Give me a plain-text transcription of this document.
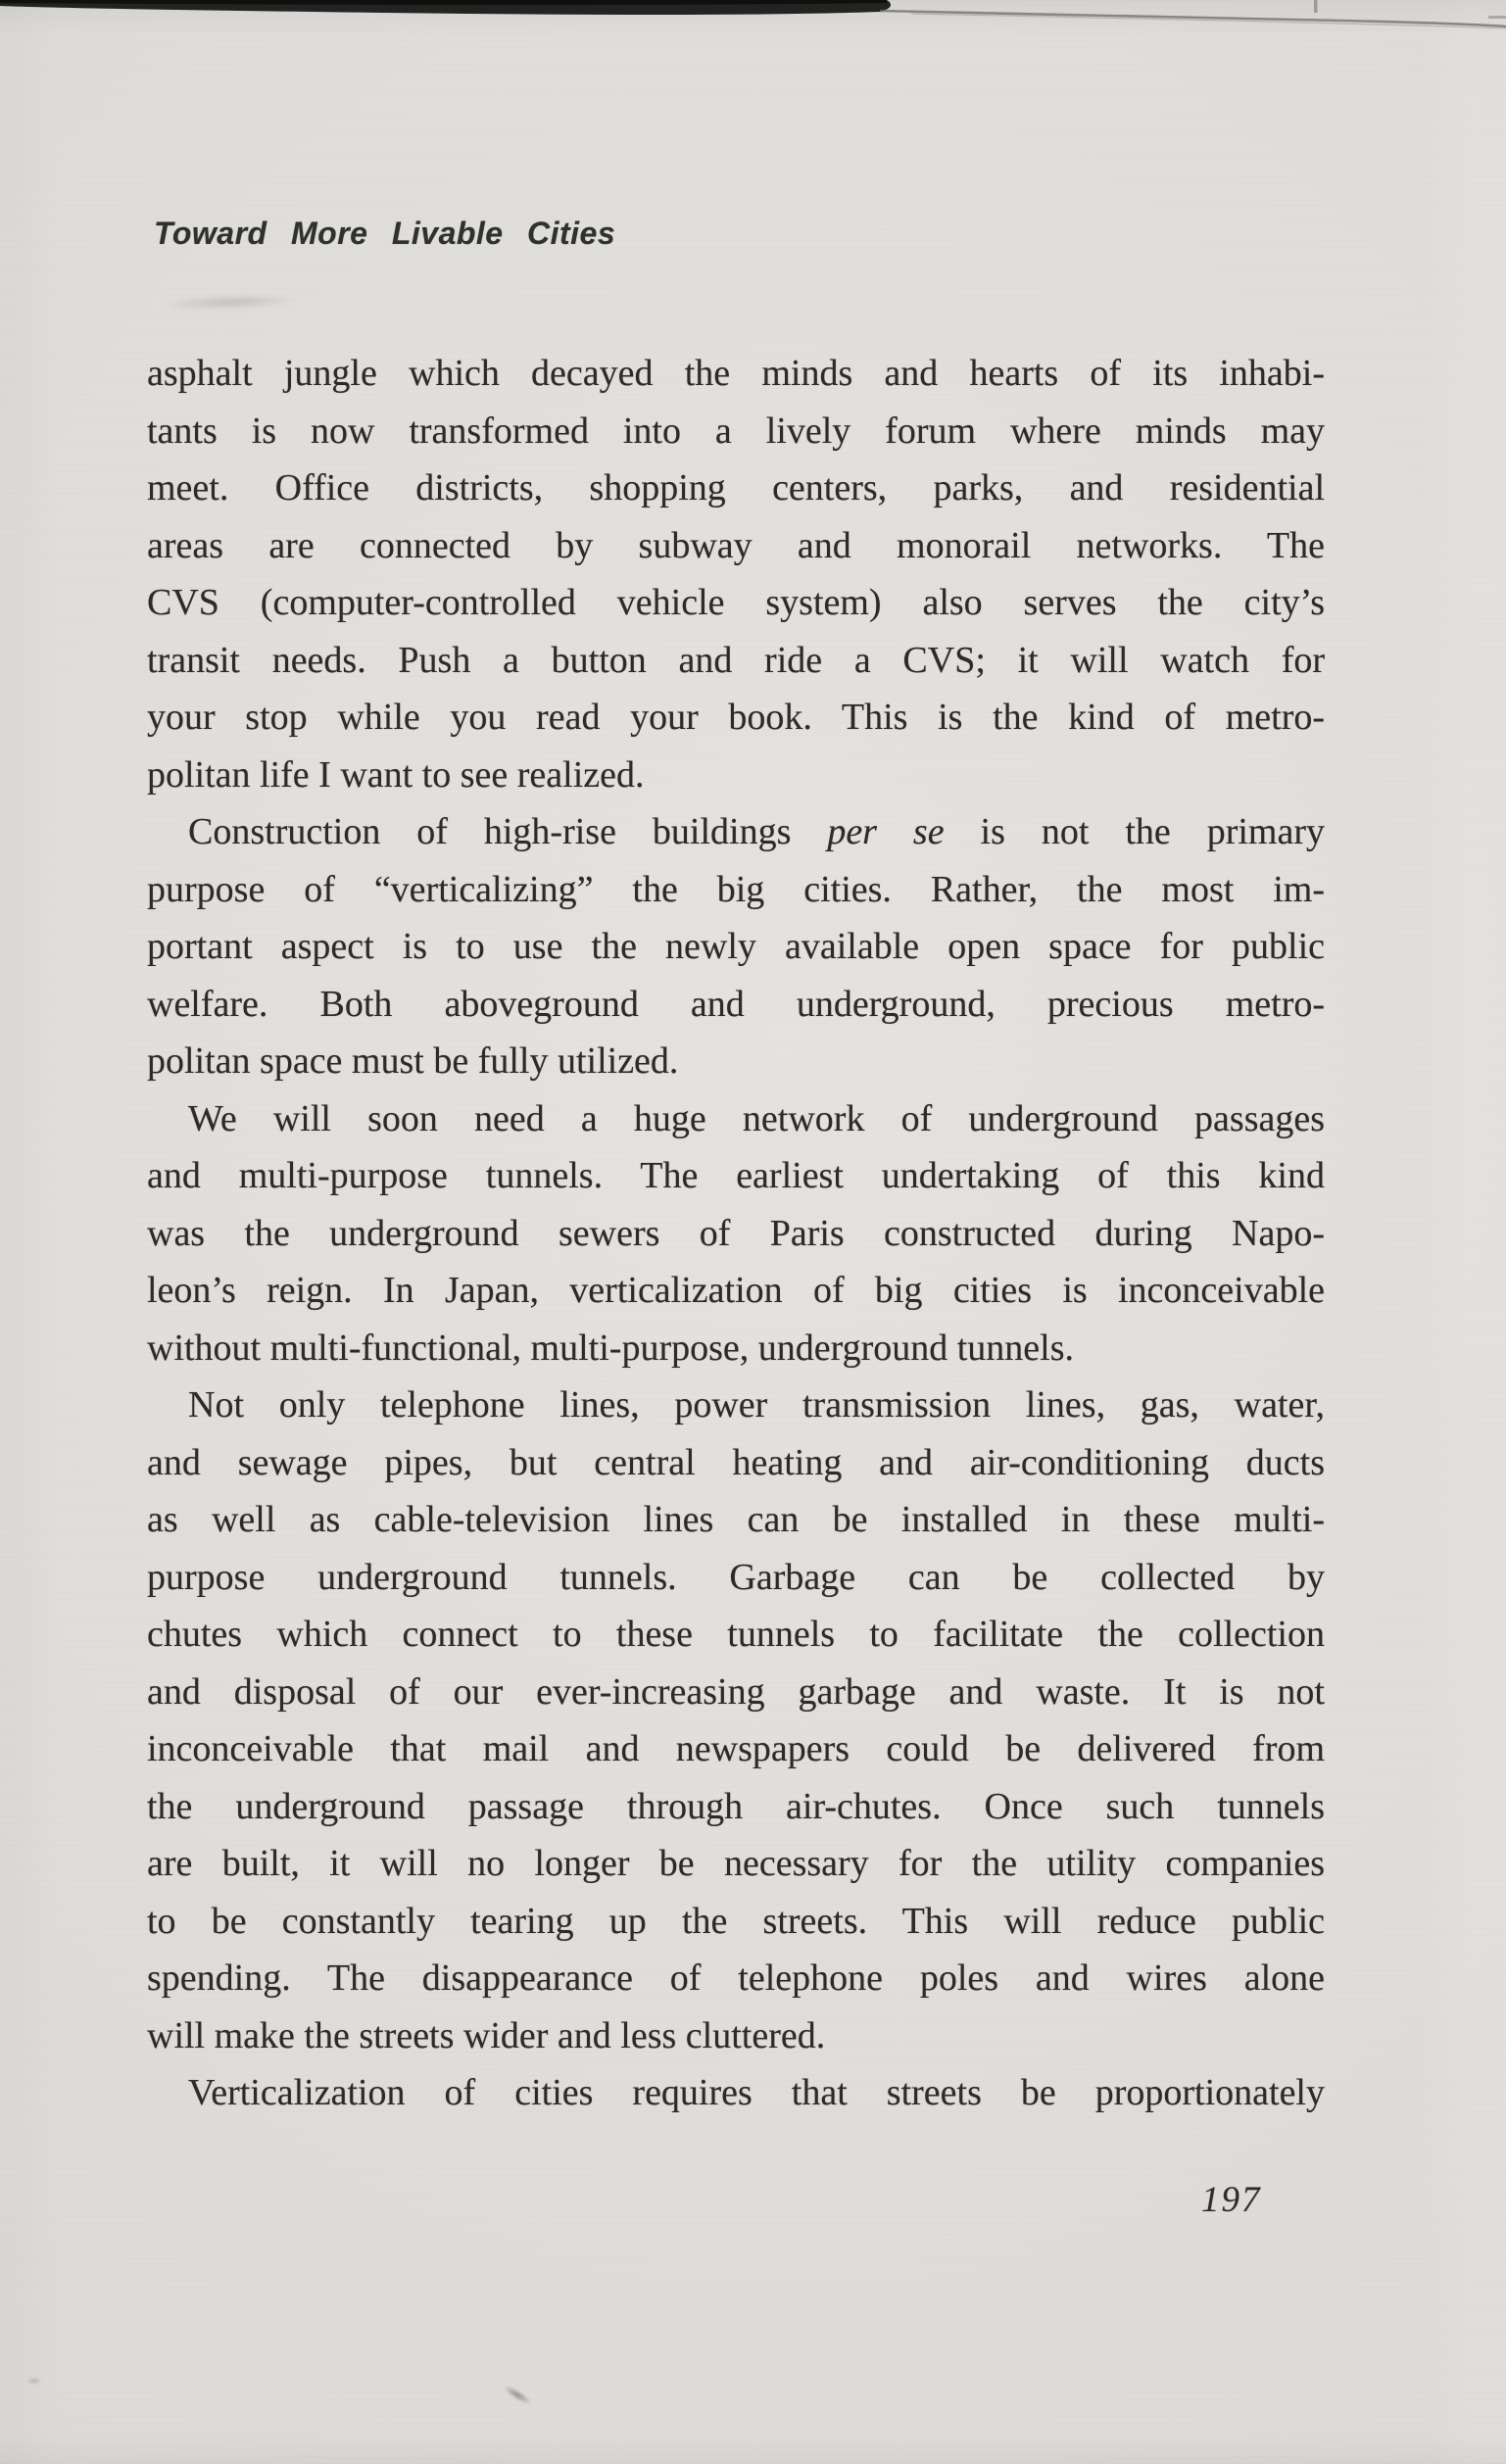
Toward More Livable Cities
asphalt jungle which decayed the minds and hearts of its inhabi-
tants is now transformed into a lively forum where minds may
meet. Office districts, shopping centers, parks, and residential
areas are connected by subway and monorail networks. The
CVS (computer-controlled vehicle system) also serves the city’s
transit needs. Push a button and ride a CVS; it will watch for
your stop while you read your book. This is the kind of metro-
politan life I want to see realized.
Construction of high-rise buildings per se is not the primary
purpose of “verticalizing” the big cities. Rather, the most im-
portant aspect is to use the newly available open space for public
welfare. Both aboveground and underground, precious metro-
politan space must be fully utilized.
We will soon need a huge network of underground passages
and multi-purpose tunnels. The earliest undertaking of this kind
was the underground sewers of Paris constructed during Napo-
leon’s reign. In Japan, verticalization of big cities is inconceivable
without multi-functional, multi-purpose, underground tunnels.
Not only telephone lines, power transmission lines, gas, water,
and sewage pipes, but central heating and air-conditioning ducts
as well as cable-television lines can be installed in these multi-
purpose underground tunnels. Garbage can be collected by
chutes which connect to these tunnels to facilitate the collection
and disposal of our ever-increasing garbage and waste. It is not
inconceivable that mail and newspapers could be delivered from
the underground passage through air-chutes. Once such tunnels
are built, it will no longer be necessary for the utility companies
to be constantly tearing up the streets. This will reduce public
spending. The disappearance of telephone poles and wires alone
will make the streets wider and less cluttered.
Verticalization of cities requires that streets be proportionately
197
